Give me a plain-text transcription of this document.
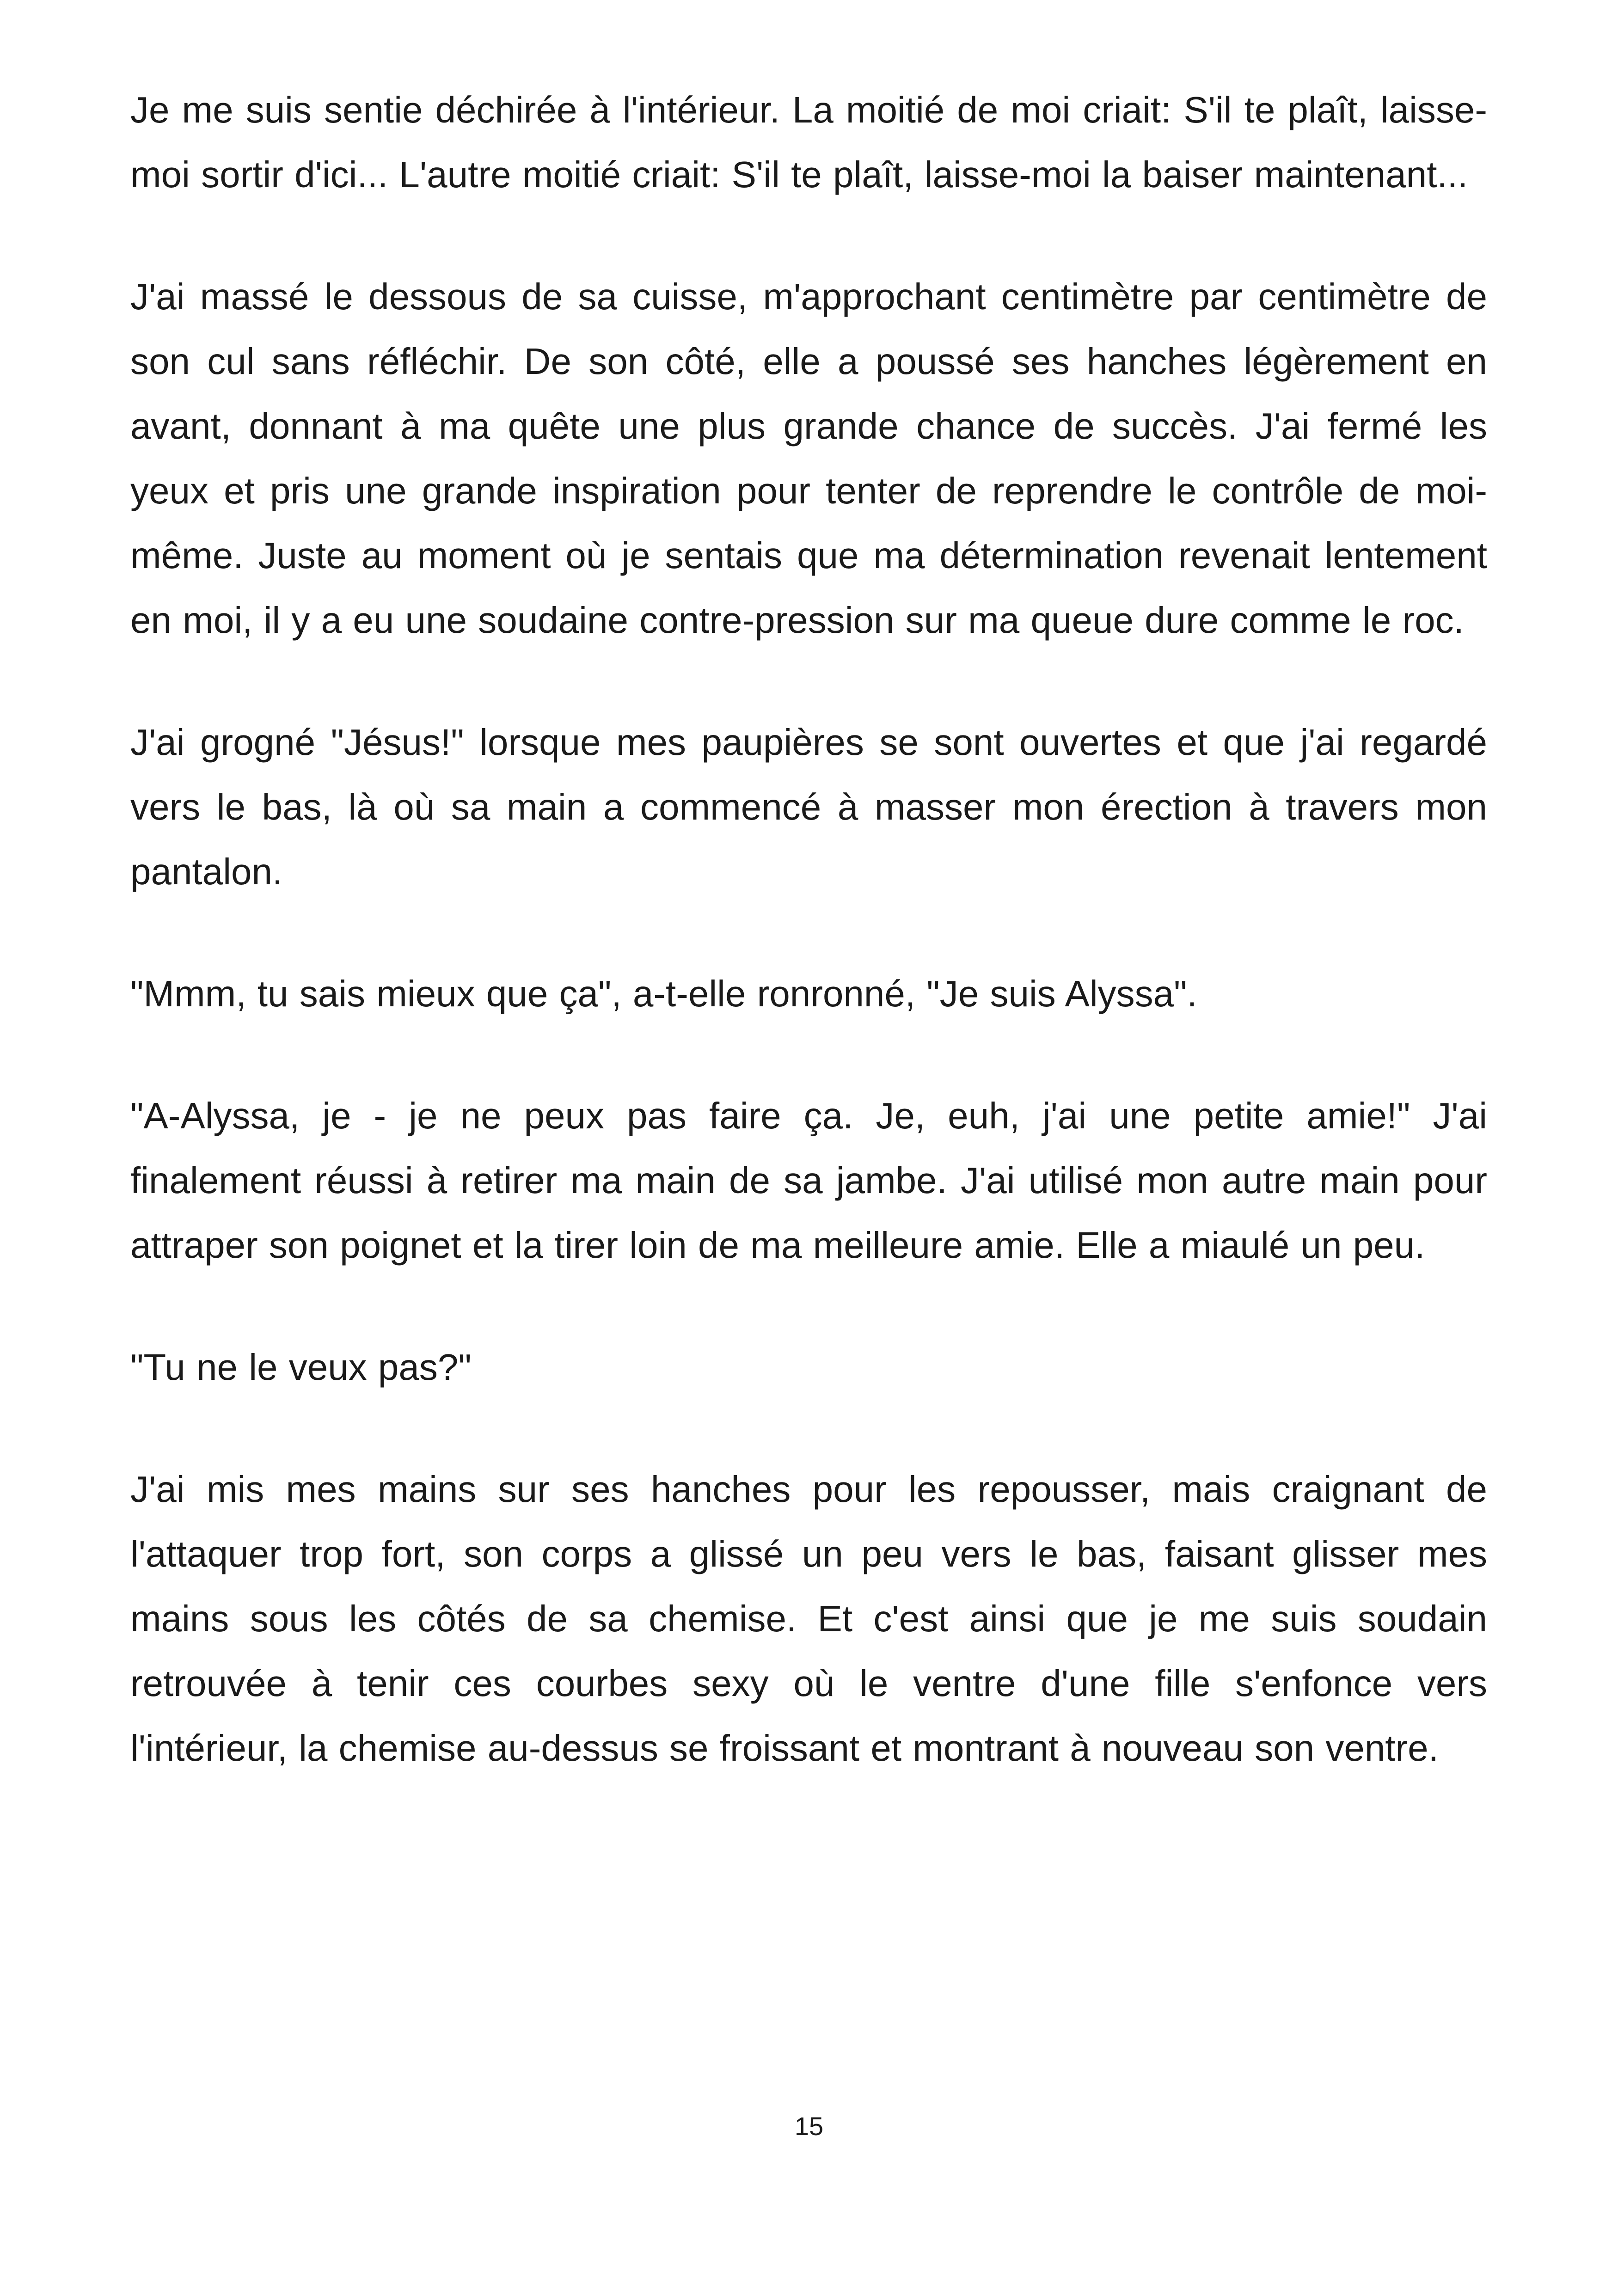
Je me suis sentie déchirée à l'intérieur. La moitié de moi criait: S'il te plaît, laisse-moi sortir d'ici... L'autre moitié criait: S'il te plaît, laisse-moi la baiser maintenant...

J'ai massé le dessous de sa cuisse, m'approchant centimètre par centimètre de son cul sans réfléchir. De son côté, elle a poussé ses hanches légèrement en avant, donnant à ma quête une plus grande chance de succès. J'ai fermé les yeux et pris une grande inspiration pour tenter de reprendre le contrôle de moi-même. Juste au moment où je sentais que ma détermination revenait lentement en moi, il y a eu une soudaine contre-pression sur ma queue dure comme le roc.

J'ai grogné "Jésus!" lorsque mes paupières se sont ouvertes et que j'ai regardé vers le bas, là où sa main a commencé à masser mon érection à travers mon pantalon.

"Mmm, tu sais mieux que ça", a-t-elle ronronné, "Je suis Alyssa".

"A-Alyssa, je - je ne peux pas faire ça. Je, euh, j'ai une petite amie!" J'ai finalement réussi à retirer ma main de sa jambe. J'ai utilisé mon autre main pour attraper son poignet et la tirer loin de ma meilleure amie. Elle a miaulé un peu.

"Tu ne le veux pas?"

J'ai mis mes mains sur ses hanches pour les repousser, mais craignant de l'attaquer trop fort, son corps a glissé un peu vers le bas, faisant glisser mes mains sous les côtés de sa chemise. Et c'est ainsi que je me suis soudain retrouvée à tenir ces courbes sexy où le ventre d'une fille s'enfonce vers l'intérieur, la chemise au-dessus se froissant et montrant à nouveau son ventre.

15
